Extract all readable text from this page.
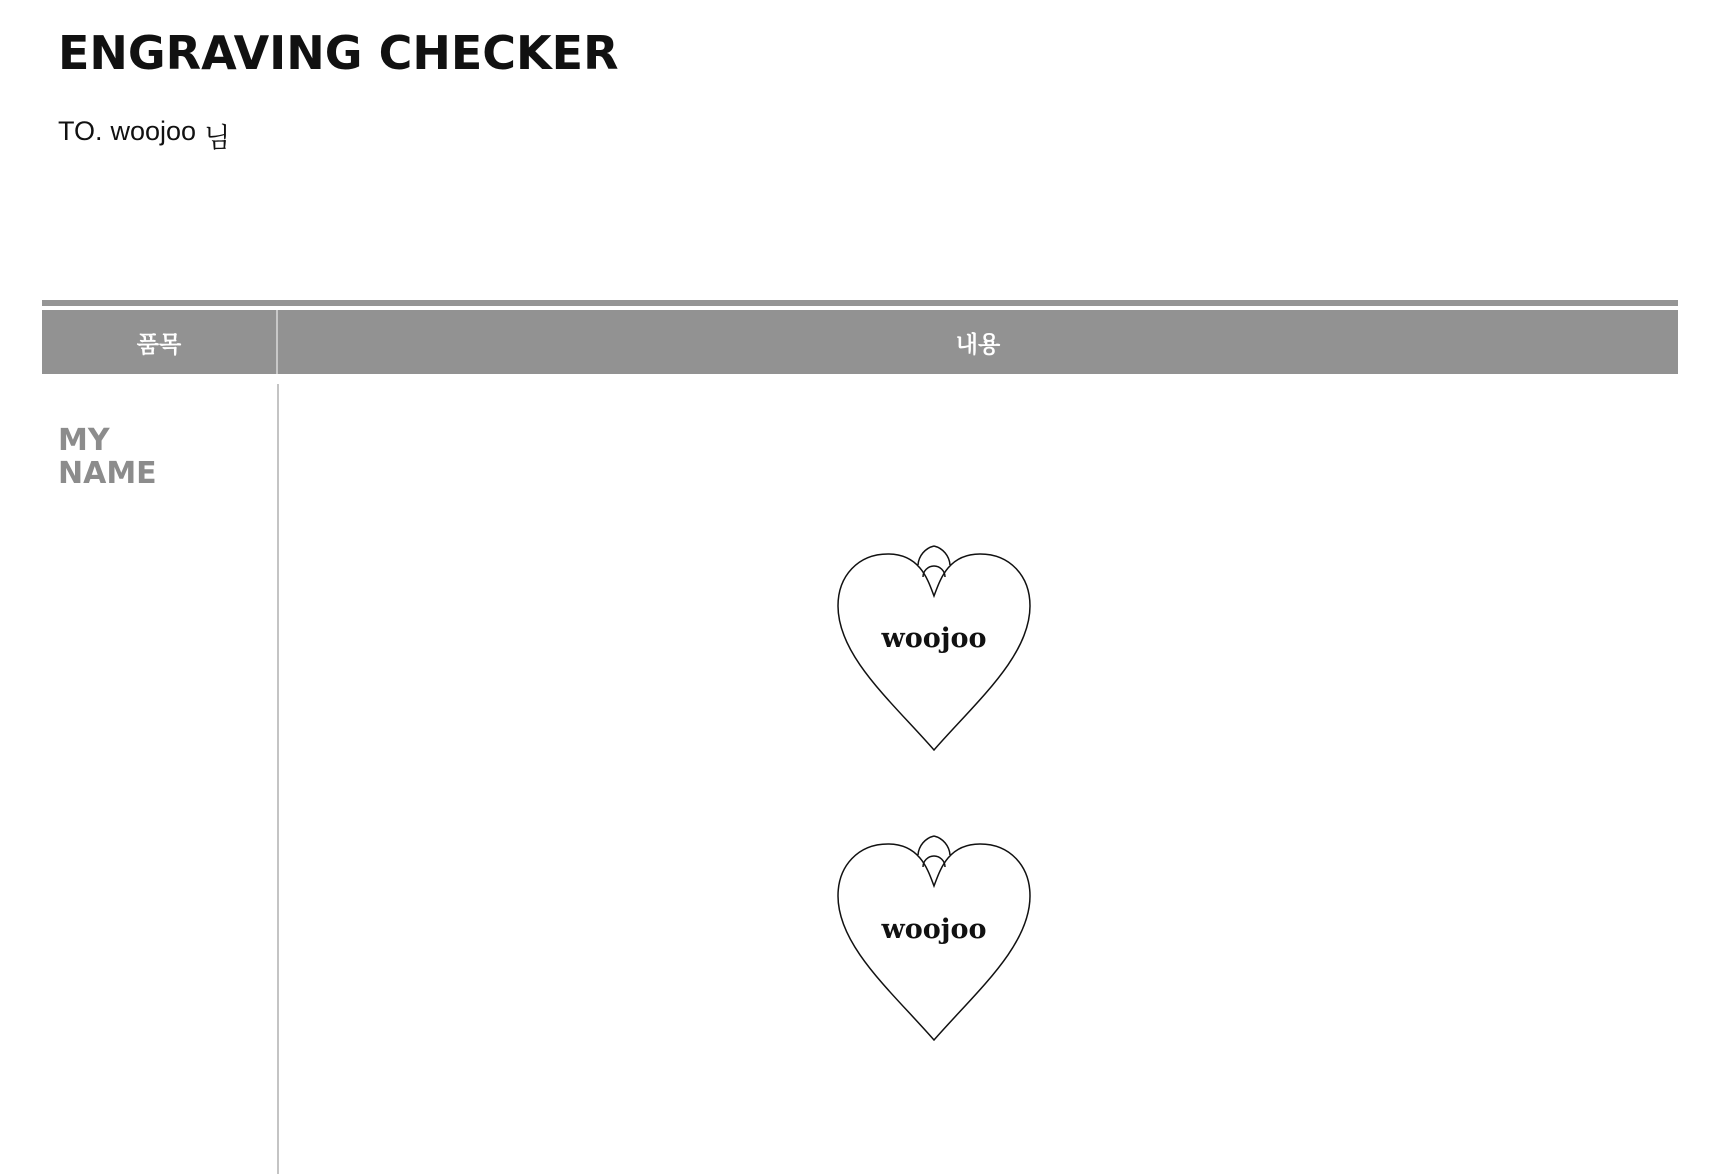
ENGRAVING CHECKER
TO. woojoo 님
품목	내용
MY
NAME
woojoo
woojoo
